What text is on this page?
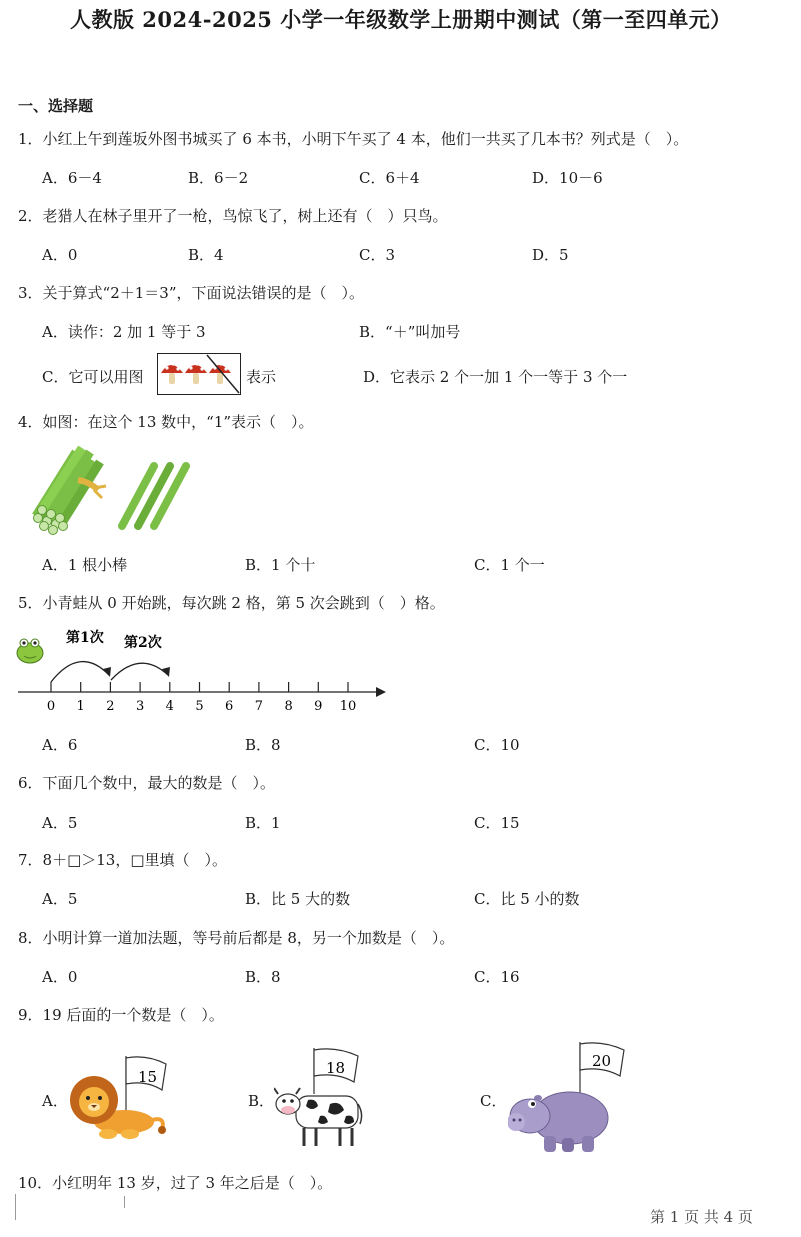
人教版 2024-2025 小学一年级数学上册期中测试（第一至四单元）
一、选择题
1．小红上午到莲坂外图书城买了 6 本书，小明下午买了 4 本，他们一共买了几本书？列式是（　）。
A．6－4	B．6－2	C．6＋4	D．10－6
2．老猎人在林子里开了一枪，鸟惊飞了，树上还有（　）只鸟。
A．0	B．4	C．3	D．5
3．关于算式“2＋1＝3”，下面说法错误的是（　）。
A．读作：2 加 1 等于 3	B．“＋”叫加号
C．它可以用图	表示	D．它表示 2 个一加 1 个一等于 3 个一
4．如图：在这个 13 数中，“1”表示（　）。
A．1 根小棒	B．1 个十	C．1 个一
5．小青蛙从 0 开始跳，每次跳 2 格，第 5 次会跳到（　）格。
第1次 第2次
0 1 2 3 4 5 6 7 8 9 10
A．6	B．8	C．10
6．下面几个数中，最大的数是（　）。
A．5	B．1	C．15
7．8＋□＞13，□里填（　）。
A．5	B．比 5 大的数	C．比 5 小的数
8．小明计算一道加法题，等号前后都是 8，另一个加数是（　）。
A．0	B．8	C．16
9．19 后面的一个数是（　）。
A．
15
B．
18
C．
20
10．小红明年 13 岁，过了 3 年之后是（　）。
第 1 页 共 4 页
